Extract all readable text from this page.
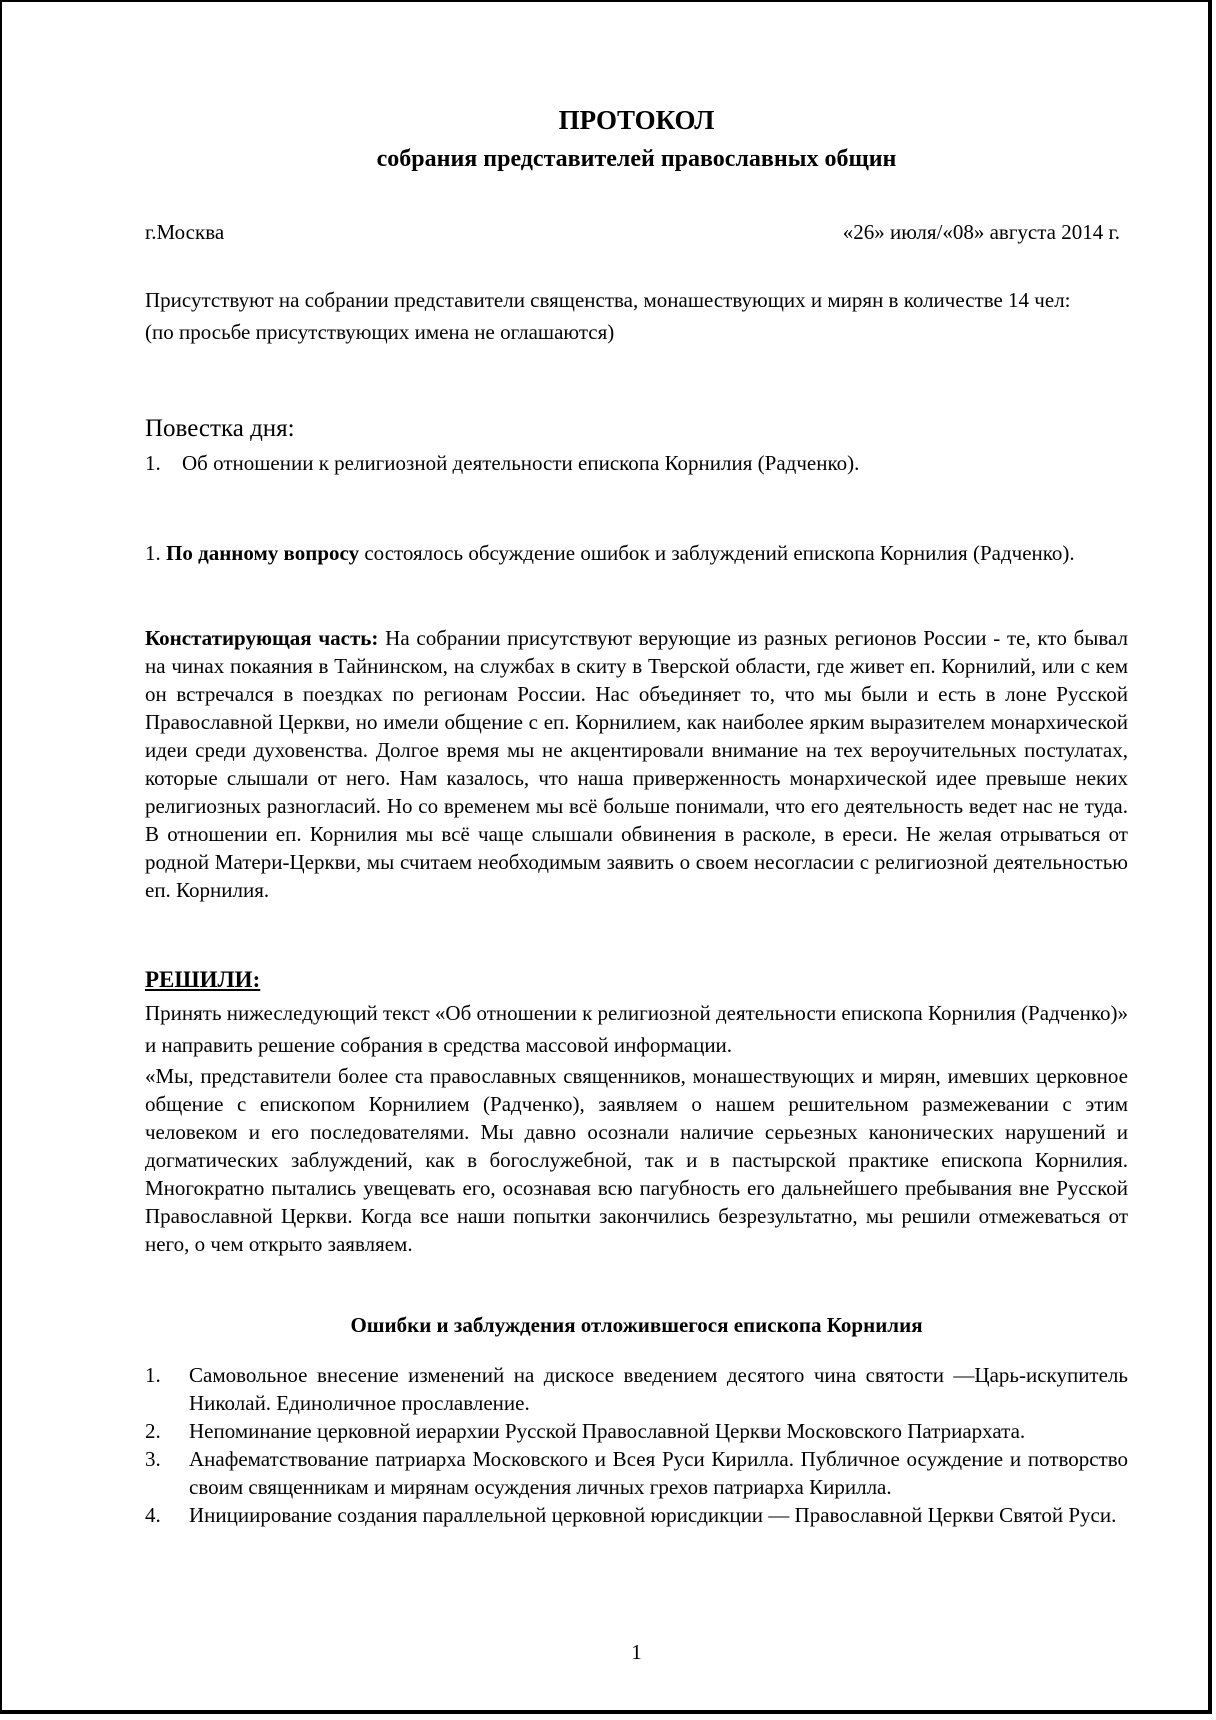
ПРОТОКОЛ
собрания представителей православных общин
г.Москва	«26» июля/«08» августа 2014 г.

Присутствуют на собрании представители священства, монашествующих и мирян в количестве 14 чел:

(по просьбе присутствующих имена не оглашаются)

Повестка дня:
1. Об отношении к религиозной деятельности епископа Корнилия (Радченко).
1. По данному вопросу состоялось обсуждение ошибок и заблуждений епископа Корнилия (Радченко).
Констатирующая часть: На собрании присутствуют верующие из разных регионов России - те, кто бывал на чинах покаяния в Тайнинском, на службах в скиту в Тверской области, где живет еп. Корнилий, или с кем он встречался в поездках по регионам России. Нас объединяет то, что мы были и есть в лоне Русской Православной Церкви, но имели общение с еп. Корнилием, как наиболее ярким выразителем монархической идеи среди духовенства. Долгое время мы не акцентировали внимание на тех вероучительных постулатах, которые слышали от него. Нам казалось, что наша приверженность монархической идее превыше неких религиозных разногласий. Но со временем мы всё больше понимали, что его деятельность ведет нас не туда. В отношении еп. Корнилия мы всё чаще слышали обвинения в расколе, в ереси. Не желая отрываться от родной Матери-Церкви, мы считаем необходимым заявить о своем несогласии с религиозной деятельностью еп. Корнилия.
РЕШИЛИ:
Принять нижеследующий текст «Об отношении к религиозной деятельности епископа Корнилия (Радченко)» и направить решение собрания в средства массовой информации.
«Мы, представители более ста православных священников, монашествующих и мирян, имевших церковное общение с епископом Корнилием (Радченко), заявляем о нашем решительном размежевании с этим человеком и его последователями. Мы давно осознали наличие серьезных канонических нарушений и догматических заблуждений, как в богослужебной, так и в пастырской практике епископа Корнилия. Многократно пытались увещевать его, осознавая всю пагубность его дальнейшего пребывания вне Русской Православной Церкви. Когда все наши попытки закончились безрезультатно, мы решили отмежеваться от него, о чем открыто заявляем.
Ошибки и заблуждения отложившегося епископа Корнилия
1. Самовольное внесение изменений на дискосе введением десятого чина святости —Царь-искупитель Николай. Единоличное прославление.
2. Непоминание церковной иерархии Русской Православной Церкви Московского Патриархата.
3. Анафематствование патриарха Московского и Всея Руси Кирилла. Публичное осуждение и потворство своим священникам и мирянам осуждения личных грехов патриарха Кирилла.
4. Инициирование создания параллельной церковной юрисдикции — Православной Церкви Святой Руси.
1
